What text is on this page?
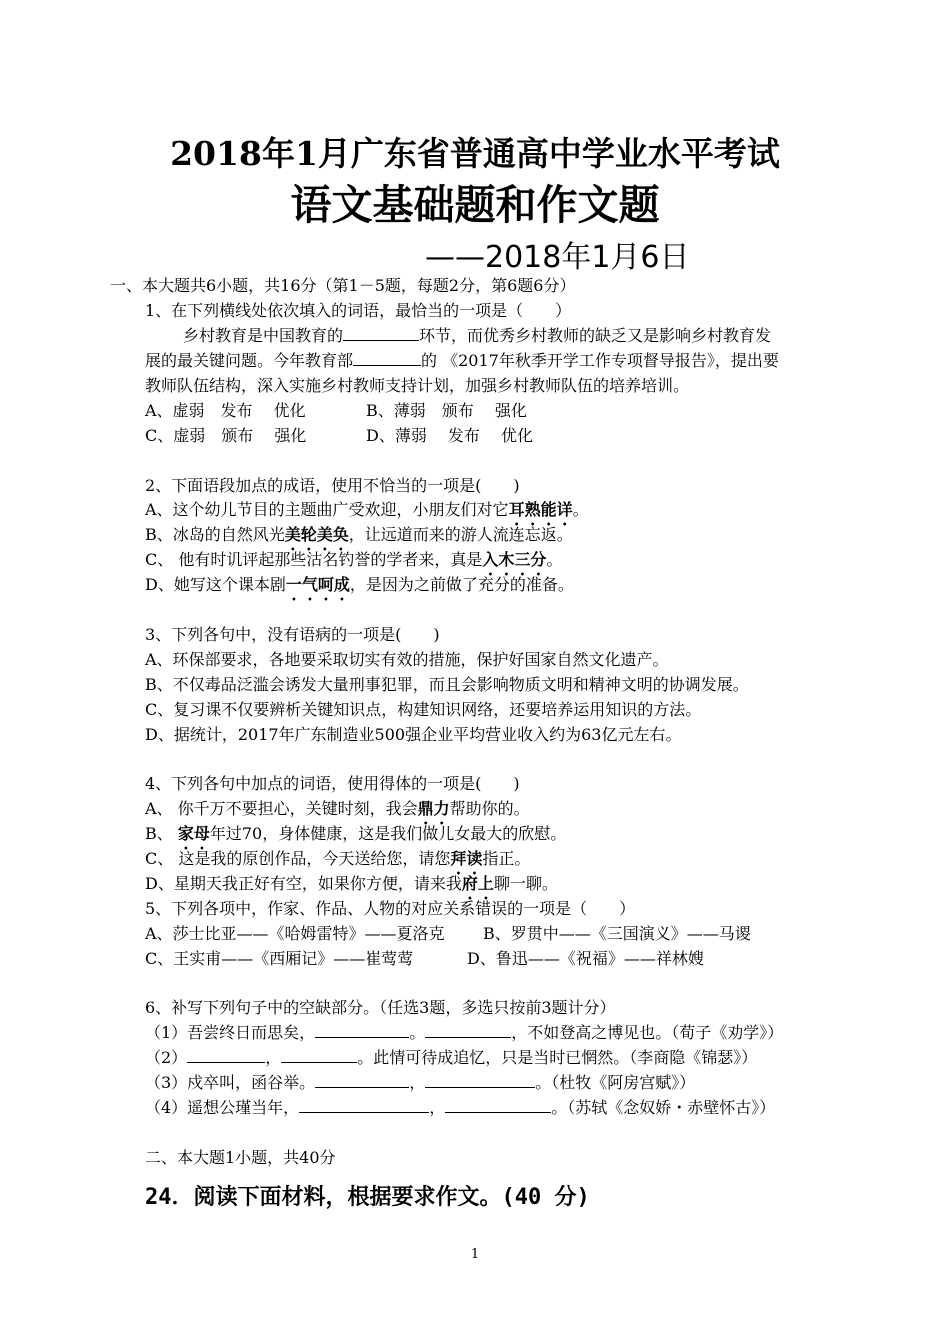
2018年1月广东省普通高中学业水平考试
语文基础题和作文题
——2018年1月6日
一、本大题共6小题，共16分（第1－5题，每题2分，第6题6分）
1、在下列横线处依次填入的词语，最恰当的一项是（　　）
乡村教育是中国教育的	环节，而优秀乡村教师的缺乏又是影响乡村教育发
展的最关键问题。今年教育部	的 《2017年秋季开学工作专项督导报告》，提出要
教师队伍结构，深入实施乡村教师支持计划，加强乡村教师队伍的培养培训。
A、虚弱　发布　 优化	B、薄弱　颁布　 强化
C、虚弱　颁布　 强化	D、薄弱　 发布　 优化
2、下面语段加点的成语，使用不恰当的一项是(　　)
A、这个幼儿节目的主题曲广受欢迎，小朋友们对它耳熟能详。
B、冰岛的自然风光美轮美奂，让远道而来的游人流连忘返。
C、 他有时讥评起那些沽名钓誉的学者来，真是入木三分。
D、她写这个课本剧一气呵成，是因为之前做了充分的准备。
3、下列各句中，没有语病的一项是(　　)
A、环保部要求，各地要采取切实有效的措施，保护好国家自然文化遗产。
B、不仅毒品泛滥会诱发大量刑事犯罪，而且会影响物质文明和精神文明的协调发展。
C、复习课不仅要辨析关键知识点，构建知识网络，还要培养运用知识的方法。
D、据统计，2017年广东制造业500强企业平均营业收入约为63亿元左右。
4、下列各句中加点的词语，使用得体的一项是(　　)
A、 你千万不要担心，关键时刻，我会鼎力帮助你的。
B、 家母年过70，身体健康，这是我们做儿女最大的欣慰。
C、 这是我的原创作品，今天送给您，请您拜读指正。
D、星期天我正好有空，如果你方便，请来我府上聊一聊。
5、下列各项中，作家、作品、人物的对应关系错误的一项是（　　）
A、莎士比亚——《哈姆雷特》——夏洛克 B、罗贯中——《三国演义》——马谡
C、王实甫——《西厢记》——崔莺莺	D、鲁迅——《祝福》——祥林嫂
6、补写下列句子中的空缺部分。（任选3题，多选只按前3题计分）
（1）吾尝终日而思矣，	。	，不如登高之博见也。（荀子《劝学》）
（2）	，	。此情可待成追忆，只是当时已惘然。（李商隐《锦瑟》）
（3）戍卒叫，函谷举。	，	。（杜牧《阿房宫赋》）
（4）遥想公瑾当年，	，	。（苏轼《念奴娇・赤壁怀古》）
二、本大题1小题，共40分
24．阅读下面材料，根据要求作文。(40 分)
1
